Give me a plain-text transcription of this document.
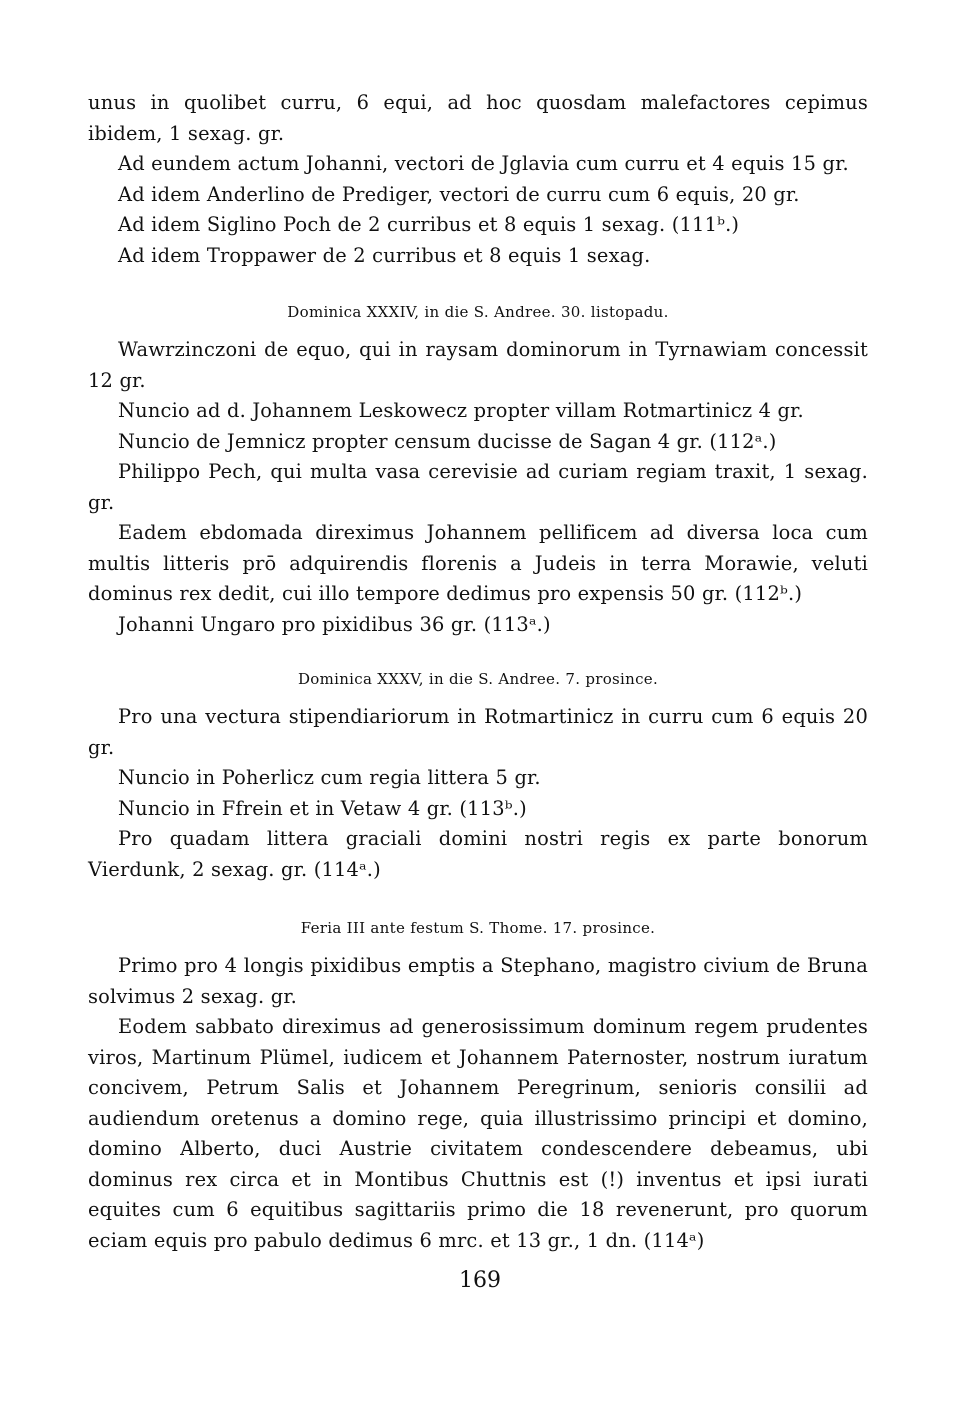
unus in quolibet curru, 6 equi, ad hoc quosdam malefactores cepimus ibidem, 1 sexag. gr.

Ad eundem actum Johanni, vectori de Jglavia cum curru et 4 equis 15 gr.

Ad idem Anderlino de Prediger, vectori de curru cum 6 equis, 20 gr.

Ad idem Siglino Poch de 2 curribus et 8 equis 1 sexag. (111ᵇ.)

Ad idem Troppawer de 2 curribus et 8 equis 1 sexag.

Dominica XXXIV, in die S. Andree. 30. listopadu.

Wawrzinczoni de equo, qui in raysam dominorum in Tyrnawiam concessit 12 gr.

Nuncio ad d. Johannem Leskowecz propter villam Rotmartinicz 4 gr.

Nuncio de Jemnicz propter censum ducisse de Sagan 4 gr. (112ᵃ.)

Philippo Pech, qui multa vasa cerevisie ad curiam regiam traxit, 1 sexag. gr.

Eadem ebdomada direximus Johannem pellificem ad diversa loca cum multis litteris prō adquirendis florenis a Judeis in terra Morawie, veluti dominus rex dedit, cui illo tempore dedimus pro expensis 50 gr. (112ᵇ.)

Johanni Ungaro pro pixidibus 36 gr. (113ᵃ.)

Dominica XXXV, in die S. Andree. 7. prosince.

Pro una vectura stipendiariorum in Rotmartinicz in curru cum 6 equis 20 gr.

Nuncio in Poherlicz cum regia littera 5 gr.

Nuncio in Ffrein et in Vetaw 4 gr. (113ᵇ.)

Pro quadam littera graciali domini nostri regis ex parte bonorum Vierdunk, 2 sexag. gr. (114ᵃ.)

Feria III ante festum S. Thome. 17. prosince.

Primo pro 4 longis pixidibus emptis a Stephano, magistro civium de Bruna solvimus 2 sexag. gr.

Eodem sabbato direximus ad generosissimum dominum regem prudentes viros, Martinum Plümel, iudicem et Johannem Paternoster, nostrum iuratum concivem, Petrum Salis et Johannem Peregrinum, senioris consilii ad audiendum oretenus a domino rege, quia illustrissimo principi et domino, domino Alberto, duci Austrie civitatem condescendere debeamus, ubi dominus rex circa et in Montibus Chuttnis est (!) inventus et ipsi iurati equites cum 6 equitibus sagittariis primo die 18 revenerunt, pro quorum eciam equis pro pabulo dedimus 6 mrc. et 13 gr., 1 dn. (114ᵃ)

169
